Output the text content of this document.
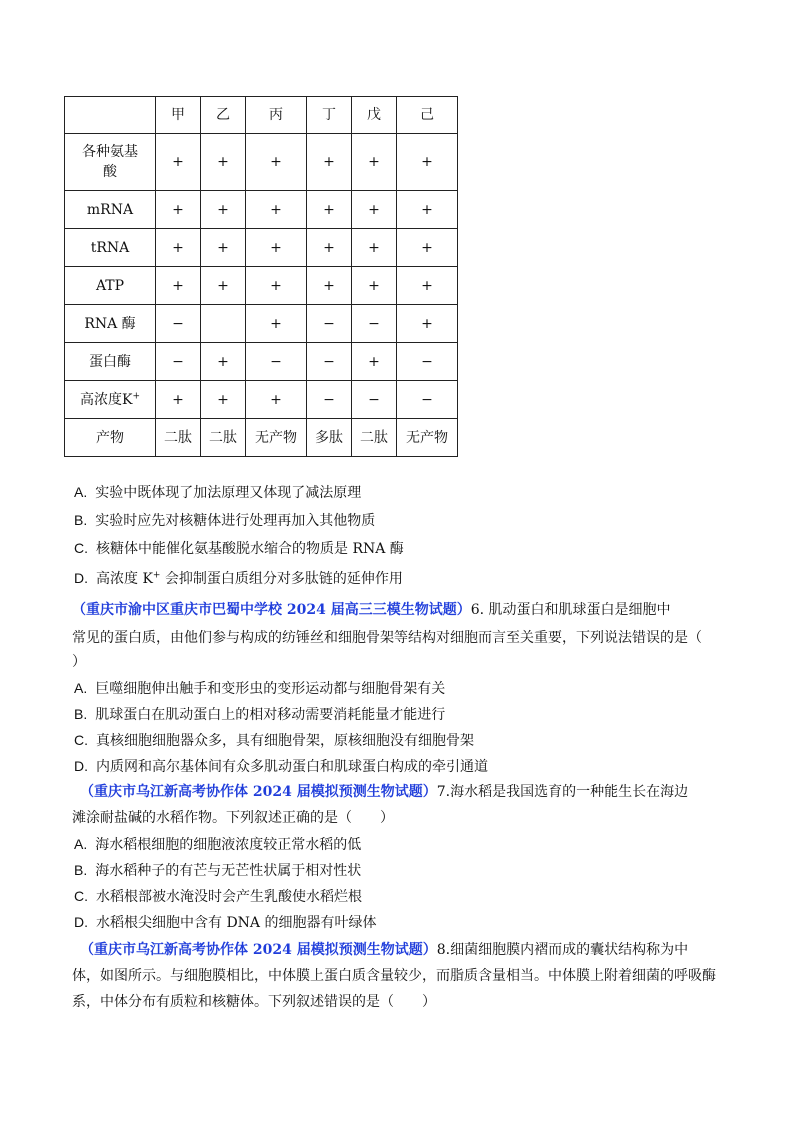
	甲	乙	丙	丁	戊	己
各种氨基
酸	+	+	+	+	+	+
mRNA	+	+	+	+	+	+
tRNA	+	+	+	+	+	+
ATP	+	+	+	+	+	+
RNA 酶	−		+	−	−	+
蛋白酶	−	+	−	−	+	−
高浓度K+	+	+	+	−	−	−
产物	二肽	二肽	无产物	多肽	二肽	无产物
A. 实验中既体现了加法原理又体现了减法原理
B. 实验时应先对核糖体进行处理再加入其他物质
C. 核糖体中能催化氨基酸脱水缩合的物质是 RNA 酶
D. 高浓度 K+ 会抑制蛋白质组分对多肽链的延伸作用
（重庆市渝中区重庆市巴蜀中学校 2024 届高三三模生物试题）6. 肌动蛋白和肌球蛋白是细胞中
常见的蛋白质，由他们参与构成的纺锤丝和细胞骨架等结构对细胞而言至关重要，下列说法错误的是（
）
A. 巨噬细胞伸出触手和变形虫的变形运动都与细胞骨架有关
B. 肌球蛋白在肌动蛋白上的相对移动需要消耗能量才能进行
C. 真核细胞细胞器众多，具有细胞骨架，原核细胞没有细胞骨架
D. 内质网和高尔基体间有众多肌动蛋白和肌球蛋白构成的牵引通道
（重庆市乌江新高考协作体 2024 届模拟预测生物试题）7.海水稻是我国选育的一种能生长在海边
滩涂耐盐碱的水稻作物。下列叙述正确的是（　　）
A. 海水稻根细胞的细胞液浓度较正常水稻的低
B. 海水稻种子的有芒与无芒性状属于相对性状
C. 水稻根部被水淹没时会产生乳酸使水稻烂根
D. 水稻根尖细胞中含有 DNA 的细胞器有叶绿体
（重庆市乌江新高考协作体 2024 届模拟预测生物试题）8.细菌细胞膜内褶而成的囊状结构称为中
体，如图所示。与细胞膜相比，中体膜上蛋白质含量较少，而脂质含量相当。中体膜上附着细菌的呼吸酶
系，中体分布有质粒和核糖体。下列叙述错误的是（　　）
